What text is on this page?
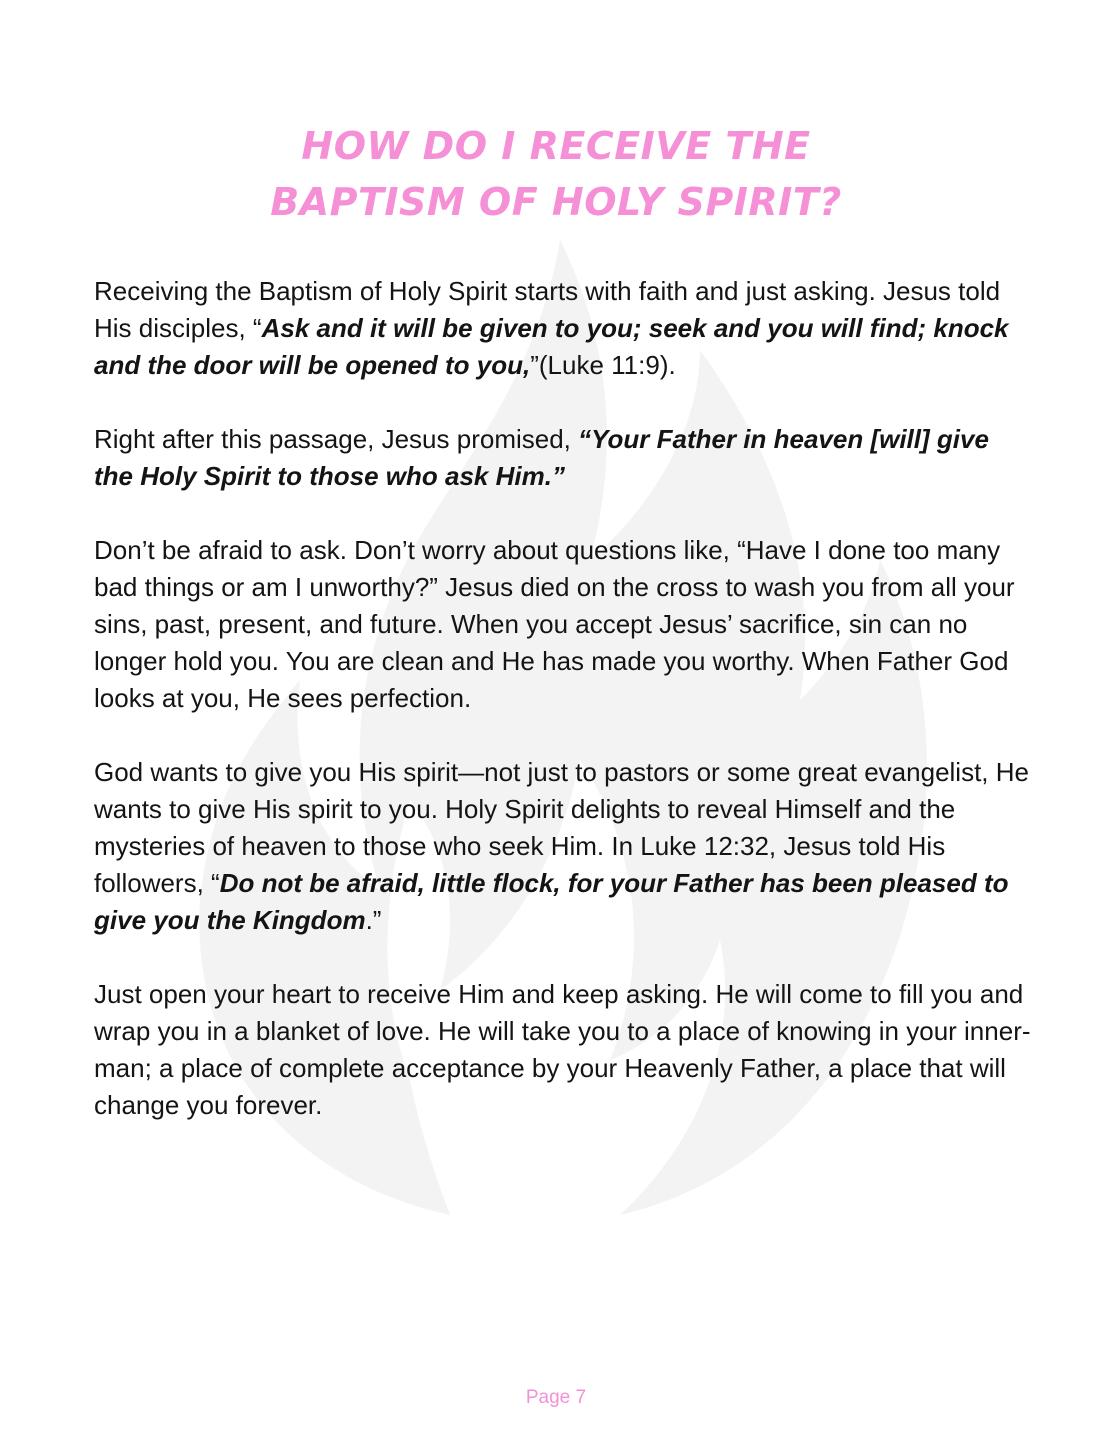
HOW DO I RECEIVE THE
BAPTISM OF HOLY SPIRIT?

Receiving the Baptism of Holy Spirit starts with faith and just asking. Jesus told His disciples, “Ask and it will be given to you; seek and you will find; knock and the door will be opened to you,”(Luke 11:9).

Right after this passage, Jesus promised, “Your Father in heaven [will] give the Holy Spirit to those who ask Him.”

Don’t be afraid to ask. Don’t worry about questions like, “Have I done too many bad things or am I unworthy?” Jesus died on the cross to wash you from all your sins, past, present, and future. When you accept Jesus’ sacrifice, sin can no longer hold you. You are clean and He has made you worthy. When Father God looks at you, He sees perfection.

God wants to give you His spirit—not just to pastors or some great evangelist, He wants to give His spirit to you. Holy Spirit delights to reveal Himself and the mysteries of heaven to those who seek Him. In Luke 12:32, Jesus told His followers, “Do not be afraid, little flock, for your Father has been pleased to give you the Kingdom.”

Just open your heart to receive Him and keep asking. He will come to fill you and wrap you in a blanket of love. He will take you to a place of knowing in your inner-man; a place of complete acceptance by your Heavenly Father, a place that will change you forever.

Page 7
